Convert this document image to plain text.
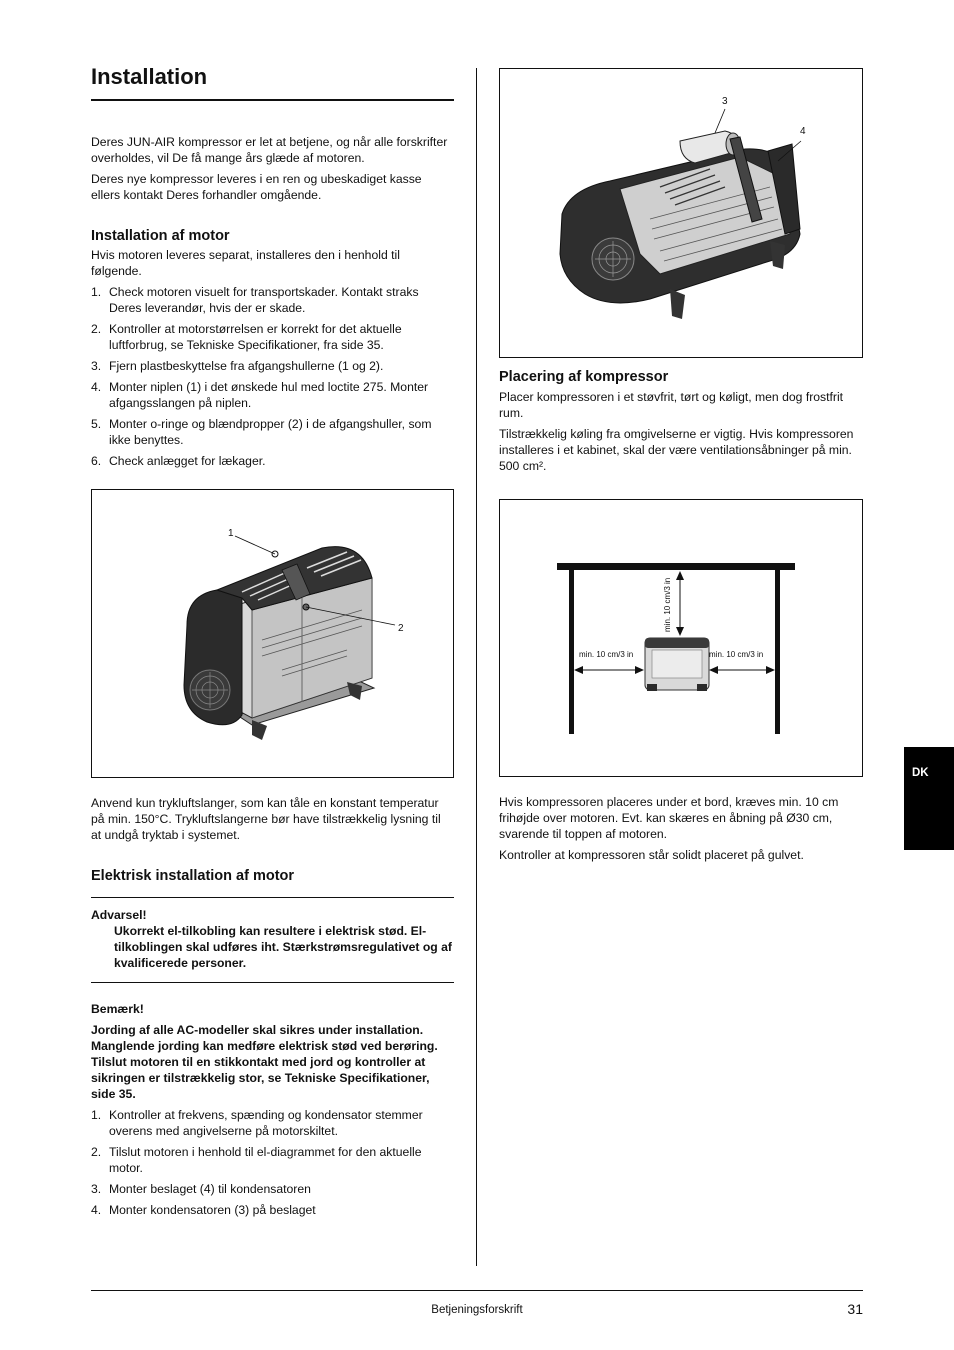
Installation

Deres JUN-AIR kompressor er let at betjene, og når alle forskrifter overholdes, vil De få mange års glæde af motoren.

Deres nye kompressor leveres i en ren og ubeskadiget kasse ellers kontakt Deres forhandler omgående.

Installation af motor

Hvis motoren leveres separat, installeres den i henhold til følgende.

1. Check motoren visuelt for transportskader. Kontakt straks Deres leverandør, hvis der er skade.
2. Kontroller at motorstørrelsen er korrekt for det aktuelle luftforbrug, se Tekniske Specifikationer, fra side 35.
3. Fjern plastbeskyttelse fra afgangshullerne (1 og 2).
4. Monter niplen (1) i det ønskede hul med loctite 275. Monter afgangsslangen på niplen.
5. Monter o-ringe og blændpropper (2) i de afgangshuller, som ikke benyttes.
6. Check anlægget for lækager.
1
2

Anvend kun trykluftslanger, som kan tåle en konstant temperatur på min. 150°C. Trykluftslangerne bør have tilstrækkelig lysning til at undgå tryktab i systemet.

Elektrisk installation af motor
Advarsel!
Ukorrekt el-tilkobling kan resultere i elektrisk stød. El-tilkoblingen skal udføres iht. Stærkstrømsregulativet og af kvalificerede personer.

Bemærk!

Jording af alle AC-modeller skal sikres under installation. Manglende jording kan medføre elektrisk stød ved berøring. Tilslut motoren til en stikkontakt med jord og kontroller at sikringen er tilstrækkelig stor, se Tekniske Specifikationer, side 35.

1. Kontroller at frekvens, spænding og kondensator stemmer overens med angivelserne på motorskiltet.
2. Tilslut motoren i henhold til el-diagrammet for den aktuelle motor.
3. Monter beslaget (4) til kondensatoren
4. Monter kondensatoren (3) på beslaget
3
4
Placering af kompressor

Placer kompressoren i et støvfrit, tørt og køligt, men dog frostfrit rum.

Tilstrækkelig køling fra omgivelserne er vigtig. Hvis kompressoren installeres i et kabinet, skal der være ventilationsåbninger på min. 500 cm².

min. 10 cm/3 in
min. 10 cm/3 in	min. 10 cm/3 in

Hvis kompressoren placeres under et bord, kræves min. 10 cm frihøjde over motoren. Evt. kan skæres en åbning på Ø30 cm, svarende til toppen af motoren.

Kontroller at kompressoren står solidt placeret på gulvet.

DK
Betjeningsforskrift	31
